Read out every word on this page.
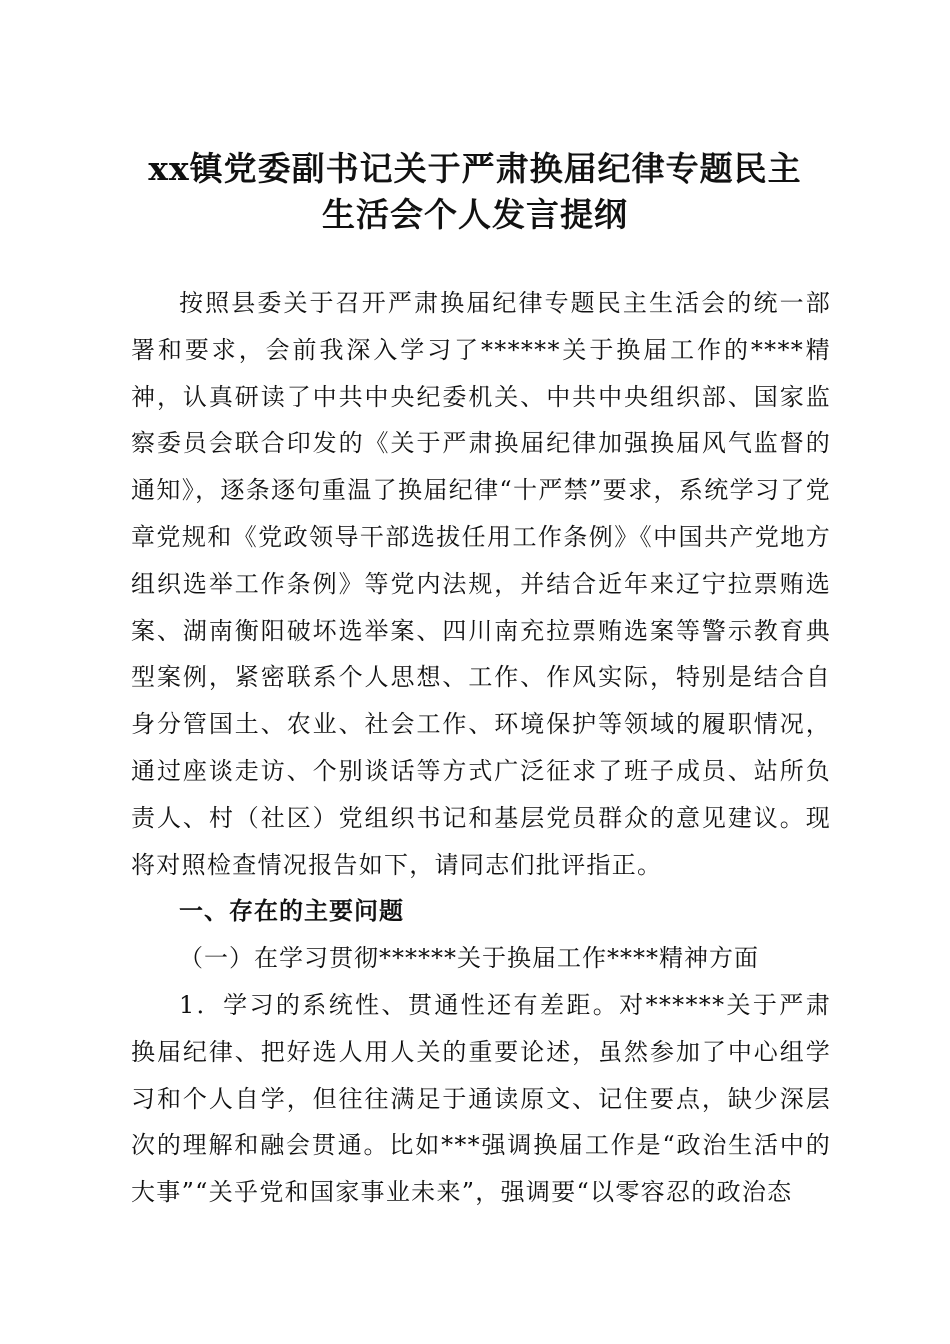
xx镇党委副书记关于严肃换届纪律专题民主
生活会个人发言提纲

按照县委关于召开严肃换届纪律专题民主生活会的统一部署和要求，会前我深入学习了******关于换届工作的****精神，认真研读了中共中央纪委机关、中共中央组织部、国家监察委员会联合印发的《关于严肃换届纪律加强换届风气监督的通知》，逐条逐句重温了换届纪律“十严禁”要求，系统学习了党章党规和《党政领导干部选拔任用工作条例》《中国共产党地方组织选举工作条例》等党内法规，并结合近年来辽宁拉票贿选案、湖南衡阳破坏选举案、四川南充拉票贿选案等警示教育典型案例，紧密联系个人思想、工作、作风实际，特别是结合自身分管国土、农业、社会工作、环境保护等领域的履职情况，通过座谈走访、个别谈话等方式广泛征求了班子成员、站所负责人、村（社区）党组织书记和基层党员群众的意见建议。现将对照检查情况报告如下，请同志们批评指正。

一、存在的主要问题

（一）在学习贯彻******关于换届工作****精神方面

1．学习的系统性、贯通性还有差距。对******关于严肃换届纪律、把好选人用人关的重要论述，虽然参加了中心组学习和个人自学，但往往满足于通读原文、记住要点，缺少深层次的理解和融会贯通。比如***强调换届工作是“政治生活中的大事”“关乎党和国家事业未来”，强调要“以零容忍的政治态
